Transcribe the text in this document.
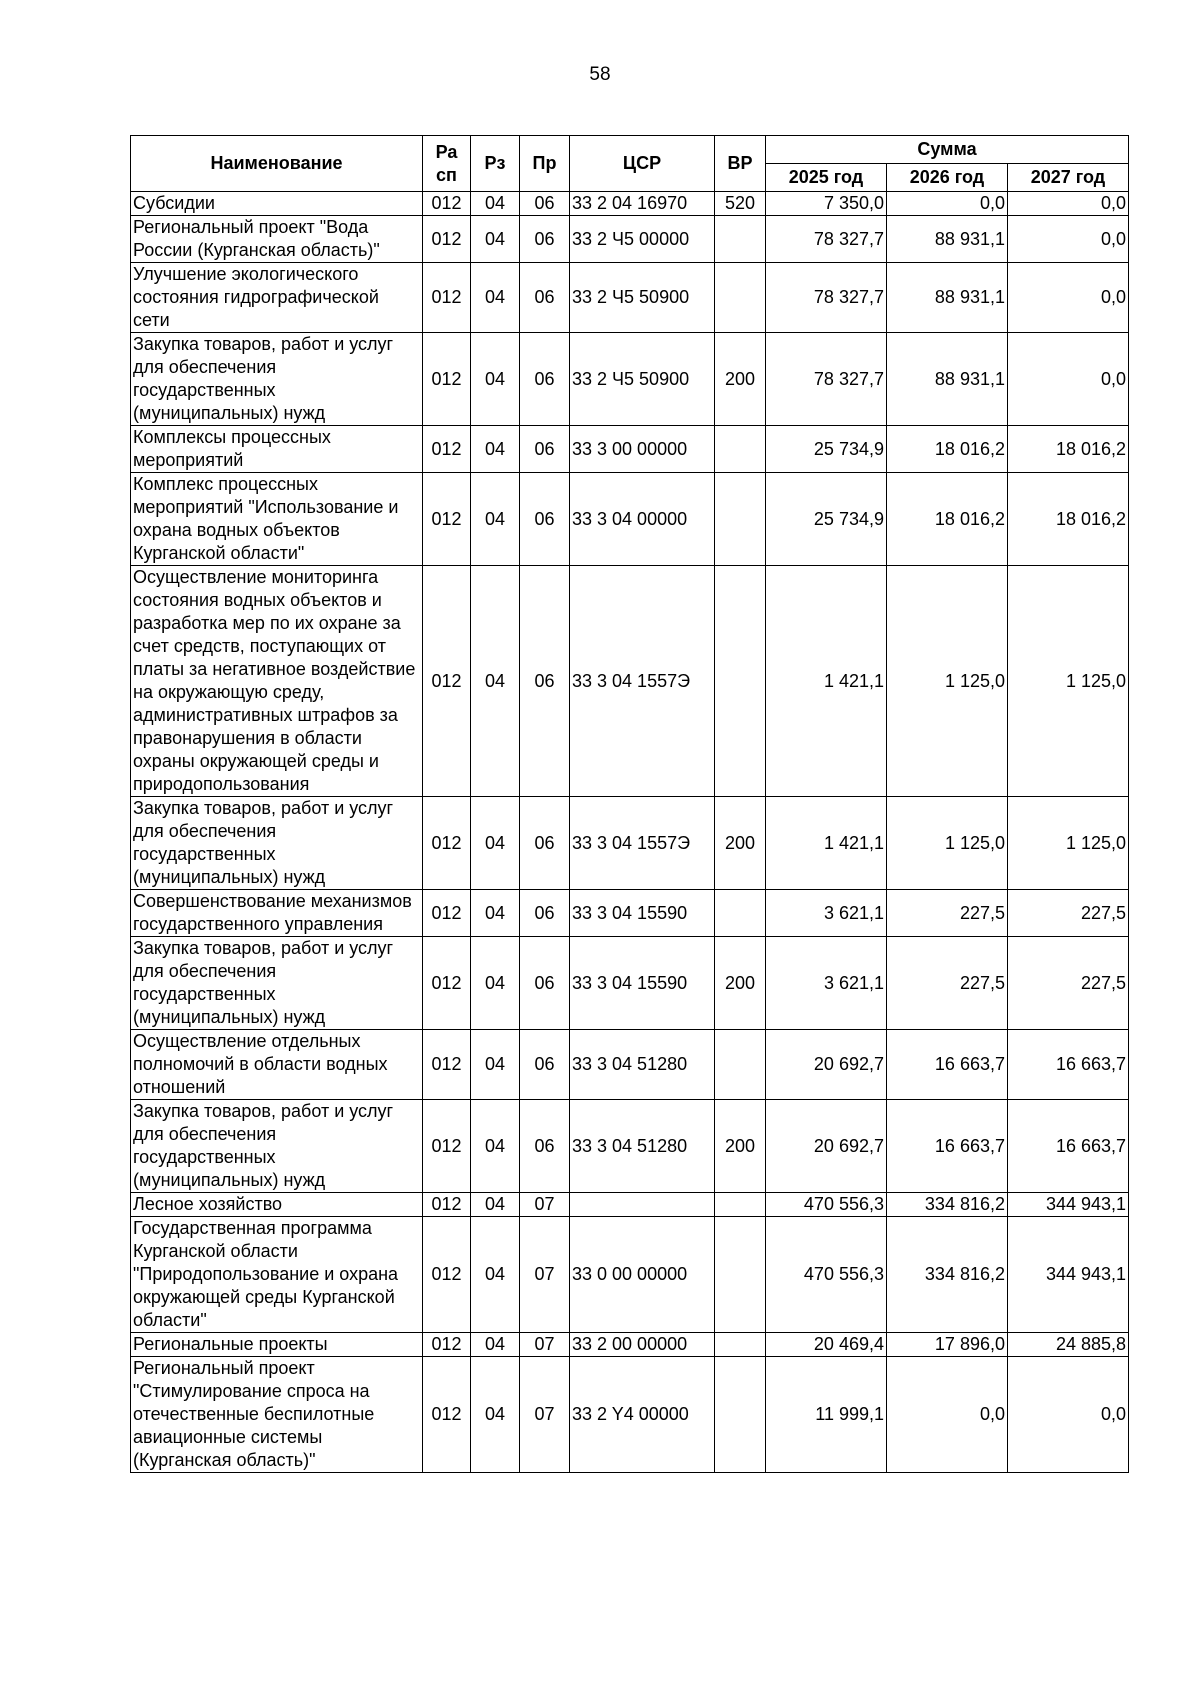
58
Наименование	Ра сп	Рз	Пр	ЦСР	ВР	Сумма		
						2025 год	2026 год	2027 год
Субсидии	012	04	06	33 2 04 16970	520	7 350,0	0,0	0,0
Региональный проект "Вода России (Курганская область)"	012	04	06	33 2 Ч5 00000		78 327,7	88 931,1	0,0
Улучшение экологического состояния гидрографической сети	012	04	06	33 2 Ч5 50900		78 327,7	88 931,1	0,0
Закупка товаров, работ и услуг для обеспечения государственных (муниципальных) нужд	012	04	06	33 2 Ч5 50900	200	78 327,7	88 931,1	0,0
Комплексы процессных мероприятий	012	04	06	33 3 00 00000		25 734,9	18 016,2	18 016,2
Комплекс процессных мероприятий "Использование и охрана водных объектов Курганской области"	012	04	06	33 3 04 00000		25 734,9	18 016,2	18 016,2
Осуществление мониторинга состояния водных объектов и разработка мер по их охране за счет средств, поступающих от платы за негативное воздействие на окружающую среду, административных штрафов за правонарушения в области охраны окружающей среды и природопользования	012	04	06	33 3 04 1557Э		1 421,1	1 125,0	1 125,0
Закупка товаров, работ и услуг для обеспечения государственных (муниципальных) нужд	012	04	06	33 3 04 1557Э	200	1 421,1	1 125,0	1 125,0
Совершенствование механизмов государственного управления	012	04	06	33 3 04 15590		3 621,1	227,5	227,5
Закупка товаров, работ и услуг для обеспечения государственных (муниципальных) нужд	012	04	06	33 3 04 15590	200	3 621,1	227,5	227,5
Осуществление отдельных полномочий в области водных отношений	012	04	06	33 3 04 51280		20 692,7	16 663,7	16 663,7
Закупка товаров, работ и услуг для обеспечения государственных (муниципальных) нужд	012	04	06	33 3 04 51280	200	20 692,7	16 663,7	16 663,7
Лесное хозяйство	012	04	07			470 556,3	334 816,2	344 943,1
Государственная программа Курганской области "Природопользование и охрана окружающей среды Курганской области"	012	04	07	33 0 00 00000		470 556,3	334 816,2	344 943,1
Региональные проекты	012	04	07	33 2 00 00000		20 469,4	17 896,0	24 885,8
Региональный проект "Стимулирование спроса на отечественные беспилотные авиационные системы (Курганская область)"	012	04	07	33 2 Y4 00000		11 999,1	0,0	0,0
